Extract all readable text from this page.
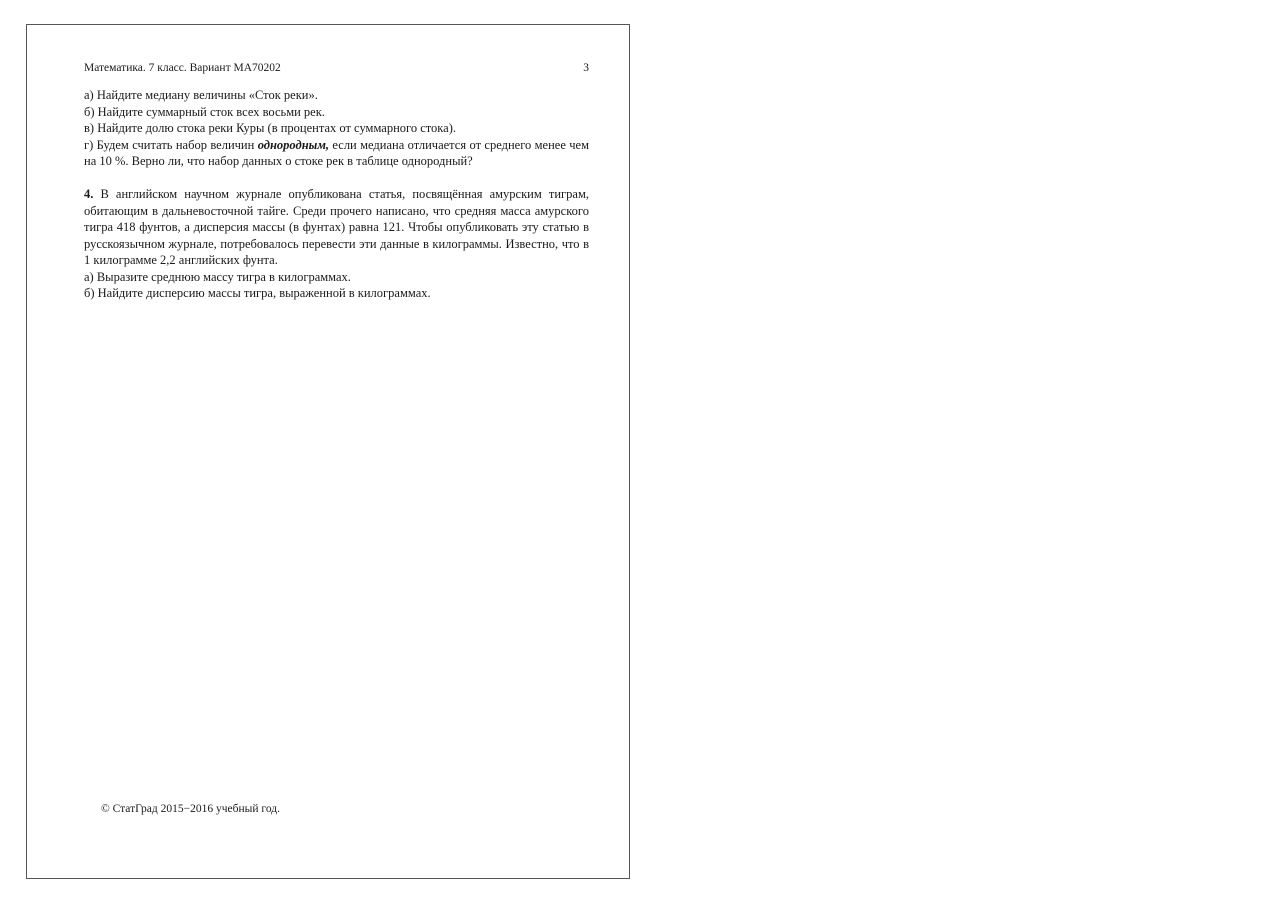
Математика. 7 класс. Вариант МА70202	3

а) Найдите медиану величины «Сток реки».

б) Найдите суммарный сток всех восьми рек.

в) Найдите долю стока реки Куры (в процентах от суммарного стока).

г) Будем считать набор величин однородным, если медиана отличается от среднего менее чем на 10 %. Верно ли, что набор данных о стоке рек в таблице однородный?

4. В английском научном журнале опубликована статья, посвящённая амурским тиграм, обитающим в дальневосточной тайге. Среди прочего написано, что средняя масса амурского тигра 418 фунтов, а дисперсия массы (в фунтах) равна 121. Чтобы опубликовать эту статью в русскоязычном журнале, потребовалось перевести эти данные в килограммы. Известно, что в 1 килограмме 2,2 английских фунта.

а) Выразите среднюю массу тигра в килограммах.

б) Найдите дисперсию массы тигра, выраженной в килограммах.

© СтатГрад 2015−2016 учебный год.
